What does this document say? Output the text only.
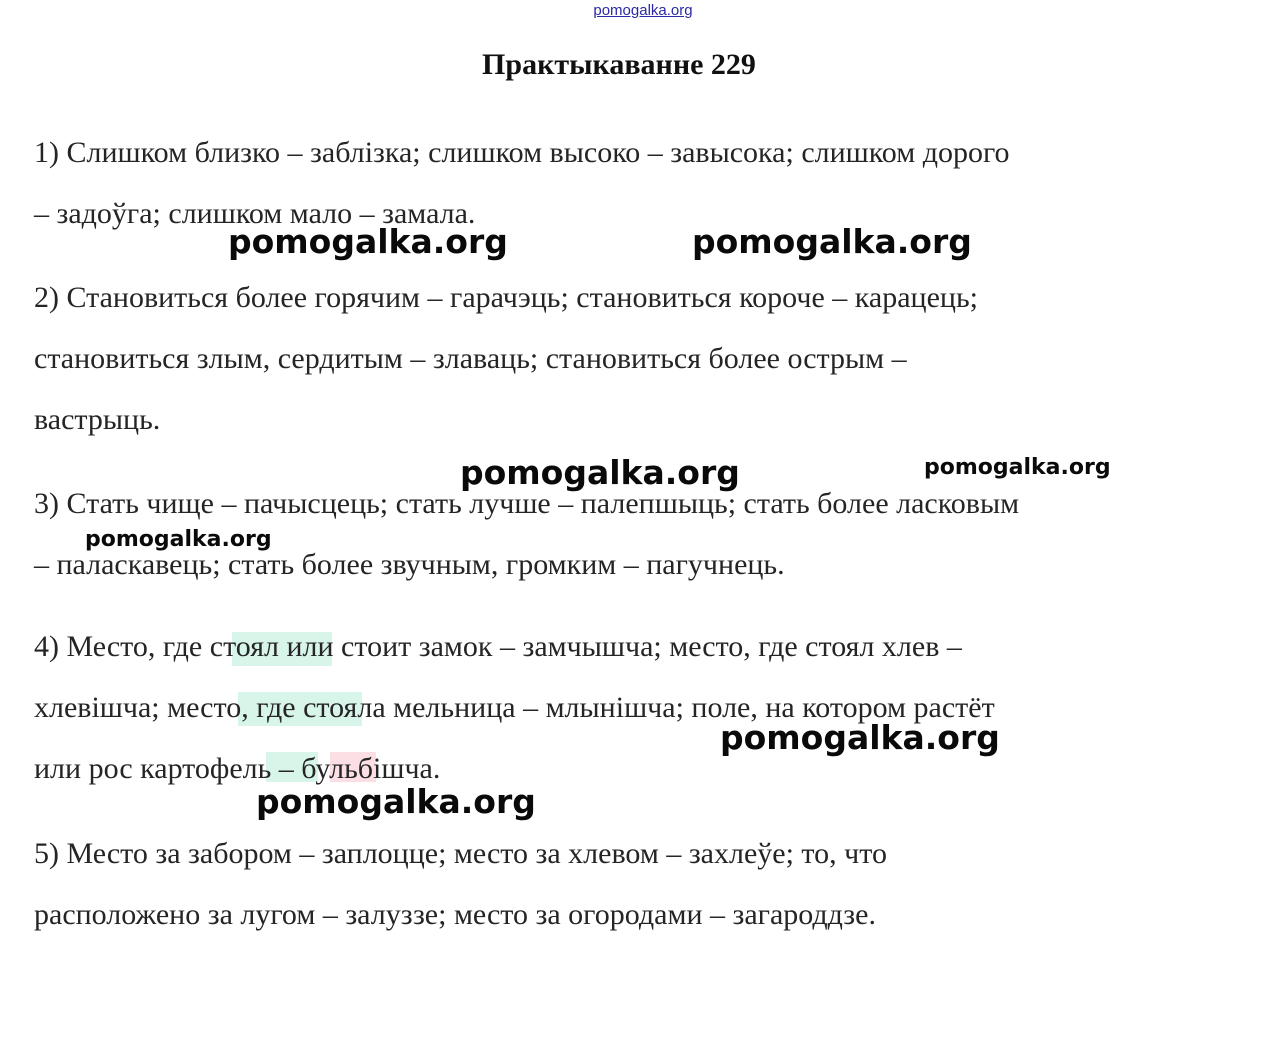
pomogalka.org
Практыкаванне 229
1) Слишком близко – заблізка; слишком высоко – завысока; слишком дорого
– задоўга; слишком мало – замала.
2) Становиться более горячим – гарачэць; становиться короче – карацець;
становиться злым, сердитым – злаваць; становиться более острым –
вастрыць.
3) Стать чище – пачысцець; стать лучше – палепшыць; стать более ласковым
– паласкавець; стать более звучным, громким – пагучнець.
4) Место, где стоял или стоит замок – замчышча; место, где стоял хлев –
хлевішча; место, где стояла мельница – млынішча; поле, на котором растёт
или рос картофель – бульбішча.
5) Место за забором – заплоцце; место за хлевом – захлеўе; то, что
расположено за лугом – залуззе; место за огородами – загароддзе.
pomogalka.org	pomogalka.org
pomogalka.org	pomogalka.org
pomogalka.org
pomogalka.org
pomogalka.org
